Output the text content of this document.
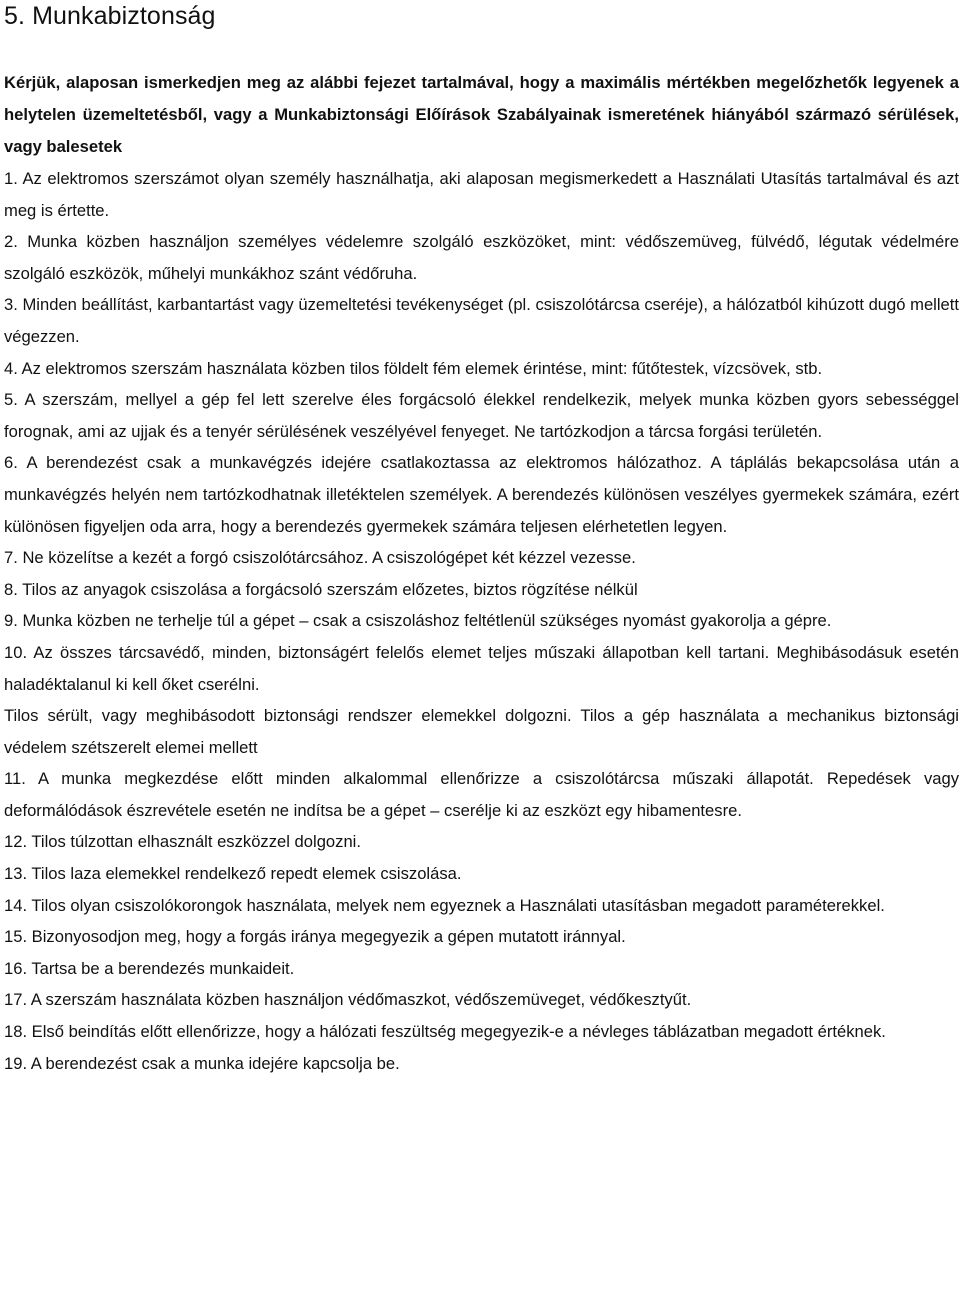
5. Munkabiztonság

Kérjük, alaposan ismerkedjen meg az alábbi fejezet tartalmával, hogy a maximális mértékben megelőzhetők legyenek a helytelen üzemeltetésből, vagy a Munkabiztonsági Előírások Szabályainak ismeretének hiányából származó sérülések, vagy balesetek

1. Az elektromos szerszámot olyan személy használhatja, aki alaposan megismerkedett a Használati Utasítás tartalmával és azt meg is értette.

2. Munka közben használjon személyes védelemre szolgáló eszközöket, mint: védőszemüveg, fülvédő, légutak védelmére szolgáló eszközök, műhelyi munkákhoz szánt védőruha.

3. Minden beállítást, karbantartást vagy üzemeltetési tevékenységet (pl. csiszolótárcsa cseréje), a hálózatból kihúzott dugó mellett végezzen.

4. Az elektromos szerszám használata közben tilos földelt fém elemek érintése, mint: fűtőtestek, vízcsövek, stb.

5. A szerszám, mellyel a gép fel lett szerelve éles forgácsoló élekkel rendelkezik, melyek munka közben gyors sebességgel forognak, ami az ujjak és a tenyér sérülésének veszélyével fenyeget. Ne tartózkodjon a tárcsa forgási területén.

6. A berendezést csak a munkavégzés idejére csatlakoztassa az elektromos hálózathoz. A táplálás bekapcsolása után a munkavégzés helyén nem tartózkodhatnak illetéktelen személyek. A berendezés különösen veszélyes gyermekek számára, ezért különösen figyeljen oda arra, hogy a berendezés gyermekek számára teljesen elérhetetlen legyen.

7. Ne közelítse a kezét a forgó csiszolótárcsához. A csiszológépet két kézzel vezesse.

8. Tilos az anyagok csiszolása a forgácsoló szerszám előzetes, biztos rögzítése nélkül

9. Munka közben ne terhelje túl a gépet – csak a csiszoláshoz feltétlenül szükséges nyomást gyakorolja a gépre.

10. Az összes tárcsavédő, minden, biztonságért felelős elemet teljes műszaki állapotban kell tartani. Meghibásodásuk esetén haladéktalanul ki kell őket cserélni.

Tilos sérült, vagy meghibásodott biztonsági rendszer elemekkel dolgozni. Tilos a gép használata a mechanikus biztonsági védelem szétszerelt elemei mellett

11. A munka megkezdése előtt minden alkalommal ellenőrizze a csiszolótárcsa műszaki állapotát. Repedések vagy deformálódások észrevétele esetén ne indítsa be a gépet – cserélje ki az eszközt egy hibamentesre.

12. Tilos túlzottan elhasznált eszközzel dolgozni.

13. Tilos laza elemekkel rendelkező repedt elemek csiszolása.

14. Tilos olyan csiszolókorongok használata, melyek nem egyeznek a Használati utasításban megadott paraméterekkel.

15. Bizonyosodjon meg, hogy a forgás iránya megegyezik a gépen mutatott iránnyal.

16. Tartsa be a berendezés munkaideit.

17. A szerszám használata közben használjon védőmaszkot, védőszemüveget, védőkesztyűt.

18. Első beindítás előtt ellenőrizze, hogy a hálózati feszültség megegyezik-e a névleges táblázatban megadott értéknek.

19. A berendezést csak a munka idejére kapcsolja be.
